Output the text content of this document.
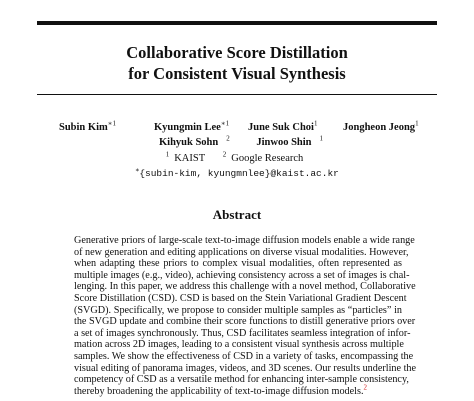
Collaborative Score Distillation
for Consistent Visual Synthesis
Subin Kim$^{∗1}$	Kyungmin Lee$^{∗1}$ June Suk Choi$^1$ Jongheon Jeong$^1$
Kihyuk Sohn $^2$	Jinwoo Shin $^1$
$^1$ KAIST	$^2$ Google Research
∗{subin-kim, kyungmnlee}@kaist.ac.kr
Abstract
Generative priors of large-scale text-to-image diffusion models enable a wide range
of new generation and editing applications on diverse visual modalities. However,
when adapting these priors to complex visual modalities, often represented as
multiple images (e.g., video), achieving consistency across a set of images is chal-
lenging. In this paper, we address this challenge with a novel method, Collaborative
Score Distillation (CSD). CSD is based on the Stein Variational Gradient Descent
(SVGD). Specifically, we propose to consider multiple samples as “particles” in
the SVGD update and combine their score functions to distill generative priors over
a set of images synchronously. Thus, CSD facilitates seamless integration of infor-
mation across 2D images, leading to a consistent visual synthesis across multiple
samples. We show the effectiveness of CSD in a variety of tasks, encompassing the
visual editing of panorama images, videos, and 3D scenes. Our results underline the
competency of CSD as a versatile method for enhancing inter-sample consistency,
thereby broadening the applicability of text-to-image diffusion models.$^2$
